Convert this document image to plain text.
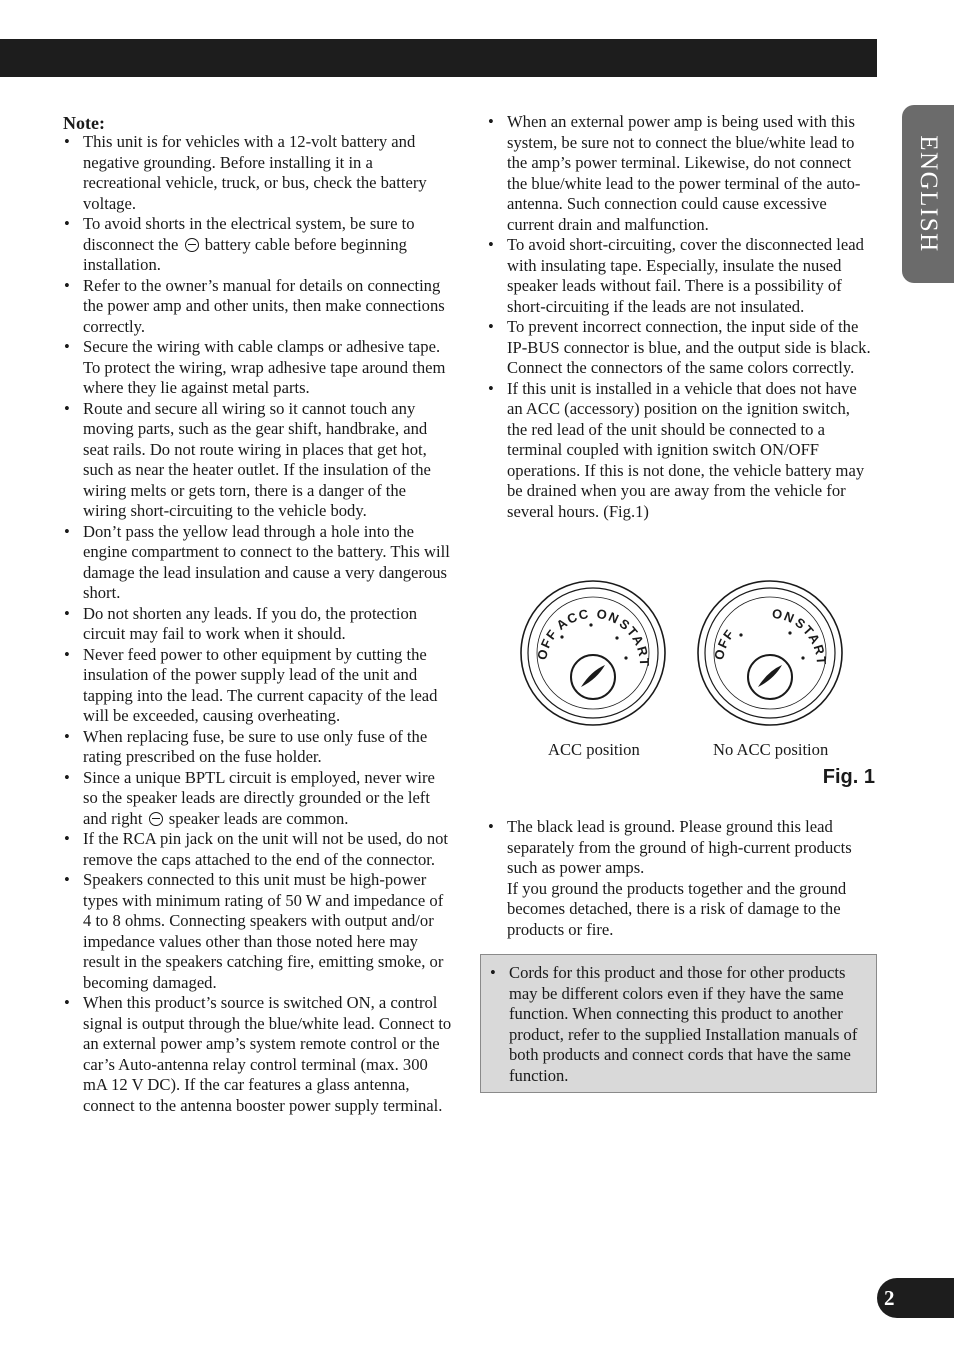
ENGLISH
Note:
• This unit is for vehicles with a 12-volt battery and negative grounding. Before installing it in a recreational vehicle, truck, or bus, check the battery voltage.
• To avoid shorts in the electrical system, be sure to disconnect the battery cable before beginning installation.
• Refer to the owner’s manual for details on connecting the power amp and other units, then make connections correctly.
• Secure the wiring with cable clamps or adhesive tape. To protect the wiring, wrap adhesive tape around them where they lie against metal parts.
• Route and secure all wiring so it cannot touch any moving parts, such as the gear shift, handbrake, and seat rails. Do not route wiring in places that get hot, such as near the heater outlet. If the insulation of the wiring melts or gets torn, there is a danger of the wiring short-circuiting to the vehicle body.
• Don’t pass the yellow lead through a hole into the engine compartment to connect to the battery. This will damage the lead insulation and cause a very dangerous short.
• Do not shorten any leads. If you do, the protection circuit may fail to work when it should.
• Never feed power to other equipment by cutting the insulation of the power supply lead of the unit and tapping into the lead. The current capacity of the lead will be exceeded, causing overheating.
• When replacing fuse, be sure to use only fuse of the rating prescribed on the fuse holder.
• Since a unique BPTL circuit is employed, never wire so the speaker leads are directly grounded or the left and right speaker leads are common.
• If the RCA pin jack on the unit will not be used, do not remove the caps attached to the end of the connector.
• Speakers connected to this unit must be high-power types with minimum rating of 50 W and impedance of 4 to 8 ohms. Connecting speakers with output and/or impedance values other than those noted here may result in the speakers catching fire, emitting smoke, or becoming damaged.
• When this product’s source is switched ON, a control signal is output through the blue/white lead. Connect to an external power amp’s system remote control or the car’s Auto-antenna relay control terminal (max. 300 mA 12 V DC). If the car features a glass antenna, connect to the antenna booster power supply terminal.
• When an external power amp is being used with this system, be sure not to connect the blue/white lead to the amp’s power terminal. Likewise, do not connect the blue/white lead to the power terminal of the auto-antenna. Such connection could cause excessive current drain and malfunction.
• To avoid short-circuiting, cover the disconnected lead with insulating tape. Especially, insulate the nused speaker leads without fail. There is a possibility of short-circuiting if the leads are not insulated.
• To prevent incorrect connection, the input side of the IP-BUS connector is blue, and the output side is black. Connect the connectors of the same colors correctly.
• If this unit is installed in a vehicle that does not have an ACC (accessory) position on the ignition switch, the red lead of the unit should be connected to a terminal coupled with ignition switch ON/OFF operations. If this is not done, the vehicle battery may be drained when you are away from the vehicle for several hours. (Fig.1)
OFF
ACC ON
START
OFF
ON
START
ACC position	No ACC position
Fig. 1
• The black lead is ground. Please ground this lead separately from the ground of high-current products such as power amps.
If you ground the products together and the ground becomes detached, there is a risk of damage to the products or fire.
• Cords for this product and those for other products may be different colors even if they have the same function. When connecting this product to another product, refer to the supplied Installation manuals of both products and connect cords that have the same function.
2
